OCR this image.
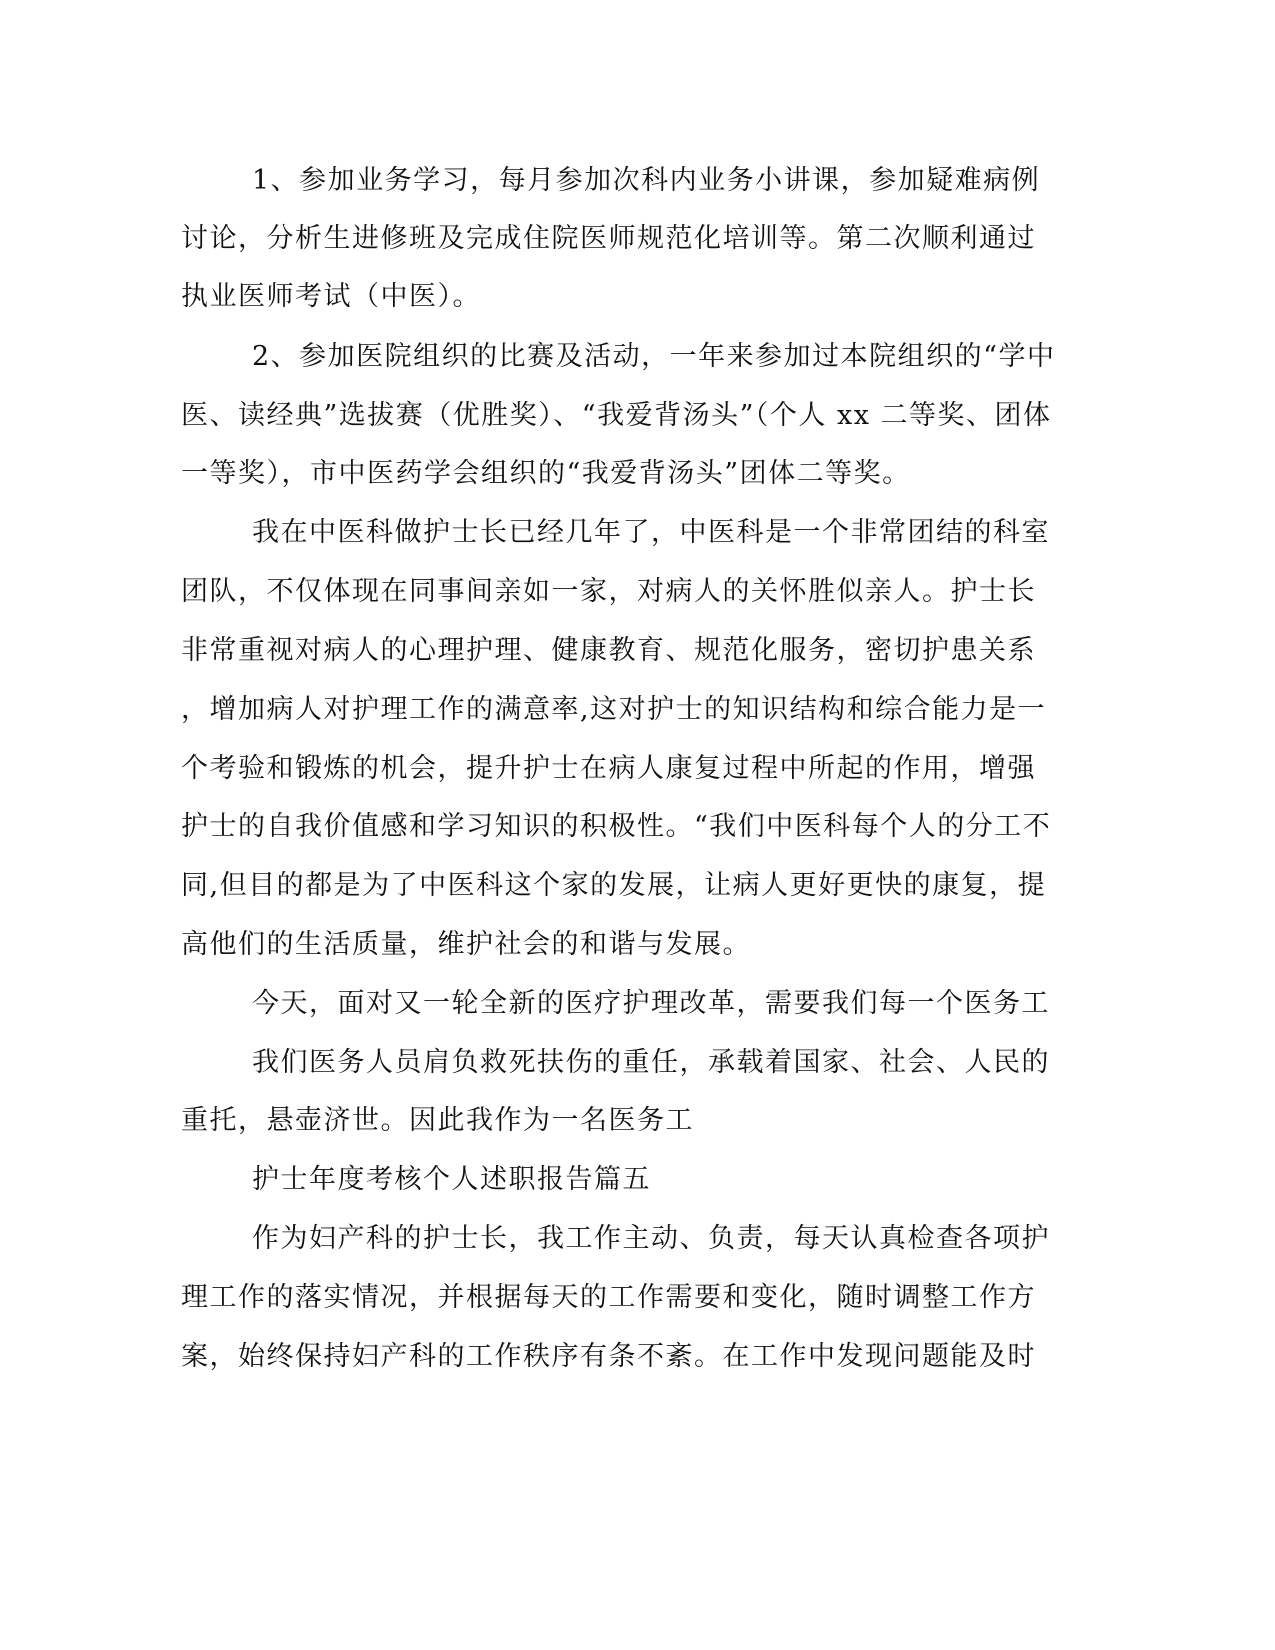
1、参加业务学习，每月参加次科内业务小讲课，参加疑难病例
讨论，分析生进修班及完成住院医师规范化培训等。第二次顺利通过
执业医师考试（中医）。
2、参加医院组织的比赛及活动，一年来参加过本院组织的“学中
医、读经典”选拔赛（优胜奖）、“我爱背汤头”（个人 xx 二等奖、团体
一等奖），市中医药学会组织的“我爱背汤头”团体二等奖。
我在中医科做护士长已经几年了，中医科是一个非常团结的科室
团队，不仅体现在同事间亲如一家，对病人的关怀胜似亲人。护士长
非常重视对病人的心理护理、健康教育、规范化服务，密切护患关系
，增加病人对护理工作的满意率,这对护士的知识结构和综合能力是一
个考验和锻炼的机会，提升护士在病人康复过程中所起的作用，增强
护士的自我价值感和学习知识的积极性。“我们中医科每个人的分工不
同,但目的都是为了中医科这个家的发展，让病人更好更快的康复，提
高他们的生活质量，维护社会的和谐与发展。
今天，面对又一轮全新的医疗护理改革，需要我们每一个医务工
我们医务人员肩负救死扶伤的重任，承载着国家、社会、人民的
重托，悬壶济世。因此我作为一名医务工
护士年度考核个人述职报告篇五
作为妇产科的护士长，我工作主动、负责，每天认真检查各项护
理工作的落实情况，并根据每天的工作需要和变化，随时调整工作方
案，始终保持妇产科的工作秩序有条不紊。在工作中发现问题能及时
